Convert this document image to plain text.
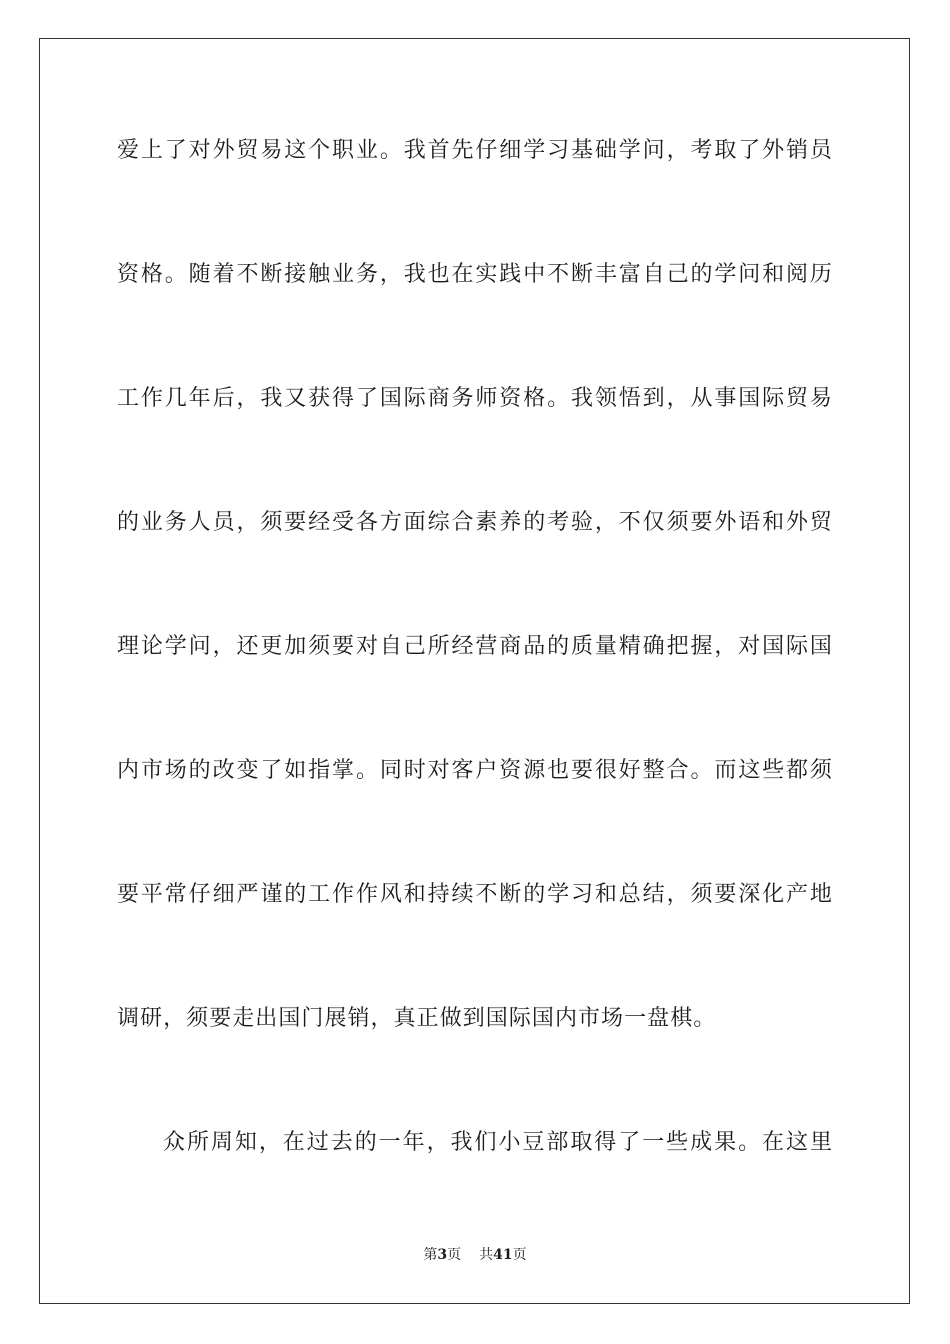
爱上了对外贸易这个职业。我首先仔细学习基础学问，考取了外销员
资格。随着不断接触业务，我也在实践中不断丰富自己的学问和阅历
工作几年后，我又获得了国际商务师资格。我领悟到，从事国际贸易
的业务人员，须要经受各方面综合素养的考验，不仅须要外语和外贸
理论学问，还更加须要对自己所经营商品的质量精确把握，对国际国
内市场的改变了如指掌。同时对客户资源也要很好整合。而这些都须
要平常仔细严谨的工作作风和持续不断的学习和总结，须要深化产地
调研，须要走出国门展销，真正做到国际国内市场一盘棋。
众所周知，在过去的一年，我们小豆部取得了一些成果。在这里
第3页 共41页
